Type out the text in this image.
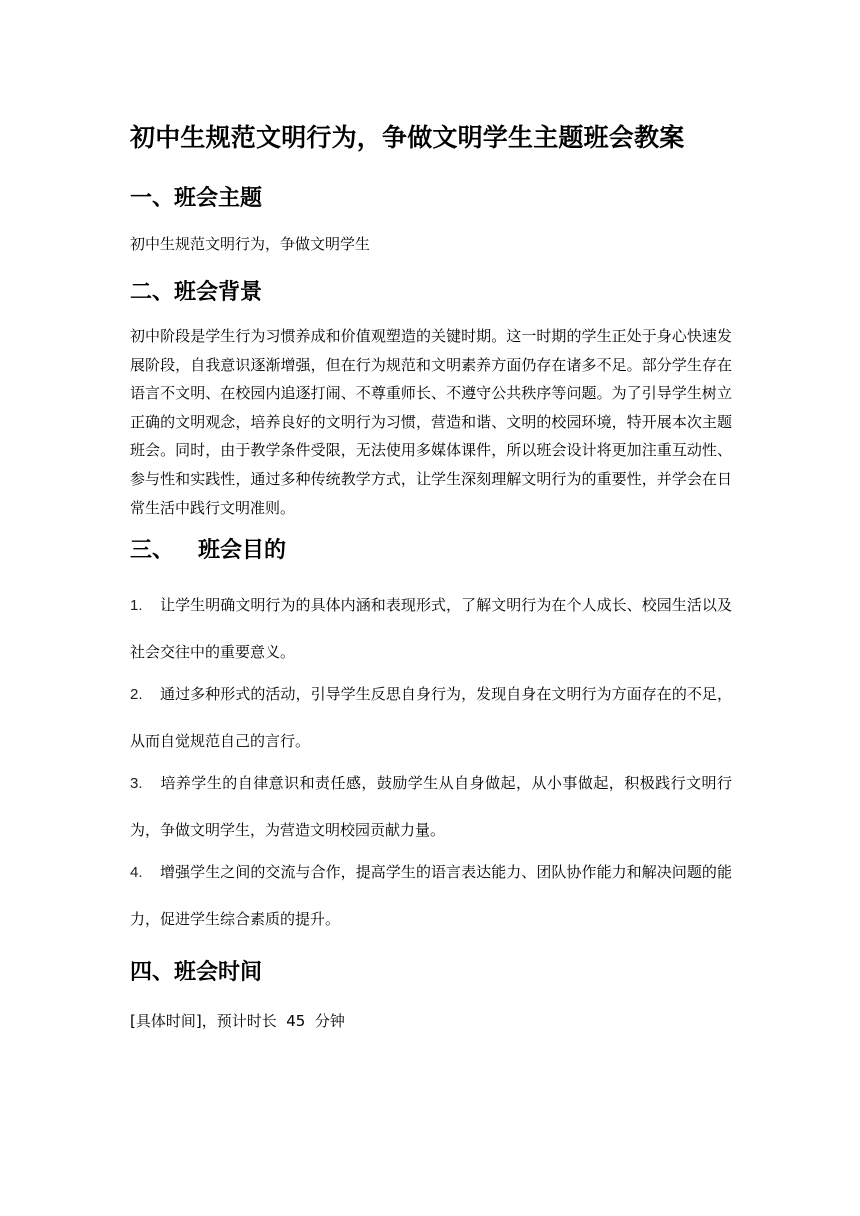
初中生规范文明行为，争做文明学生主题班会教案
一、班会主题
初中生规范文明行为，争做文明学生
二、班会背景
初中阶段是学生行为习惯养成和价值观塑造的关键时期。这一时期的学生正处于身心快速发展阶段，自我意识逐渐增强，但在行为规范和文明素养方面仍存在诸多不足。部分学生存在语言不文明、在校园内追逐打闹、不尊重师长、不遵守公共秩序等问题。为了引导学生树立正确的文明观念，培养良好的文明行为习惯，营造和谐、文明的校园环境，特开展本次主题班会。同时，由于教学条件受限，无法使用多媒体课件，所以班会设计将更加注重互动性、参与性和实践性，通过多种传统教学方式，让学生深刻理解文明行为的重要性，并学会在日常生活中践行文明准则。
三、 班会目的
1. 让学生明确文明行为的具体内涵和表现形式，了解文明行为在个人成长、校园生活以及社会交往中的重要意义。
2. 通过多种形式的活动，引导学生反思自身行为，发现自身在文明行为方面存在的不足，从而自觉规范自己的言行。
3. 培养学生的自律意识和责任感，鼓励学生从自身做起，从小事做起，积极践行文明行为，争做文明学生，为营造文明校园贡献力量。
4. 增强学生之间的交流与合作，提高学生的语言表达能力、团队协作能力和解决问题的能力，促进学生综合素质的提升。
四、班会时间
[具体时间]，预计时长  45  分钟
